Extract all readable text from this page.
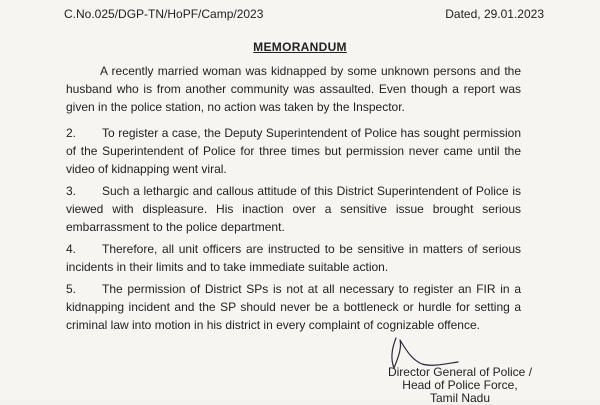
C.No.025/DGP-TN/HoPF/Camp/2023	Dated, 29.01.2023
MEMORANDUM
A recently married woman was kidnapped by some unknown persons and the husband who is from another community was assaulted. Even though a report was given in the police station, no action was taken by the Inspector.
2. To register a case, the Deputy Superintendent of Police has sought permission of the Superintendent of Police for three times but permission never came until the video of kidnapping went viral.
3. Such a lethargic and callous attitude of this District Superintendent of Police is viewed with displeasure. His inaction over a sensitive issue brought serious embarrassment to the police department.
4. Therefore, all unit officers are instructed to be sensitive in matters of serious incidents in their limits and to take immediate suitable action.
5. The permission of District SPs is not at all necessary to register an FIR in a kidnapping incident and the SP should never be a bottleneck or hurdle for setting a criminal law into motion in his district in every complaint of cognizable offence.
Director General of Police /
Head of Police Force,
Tamil Nadu
